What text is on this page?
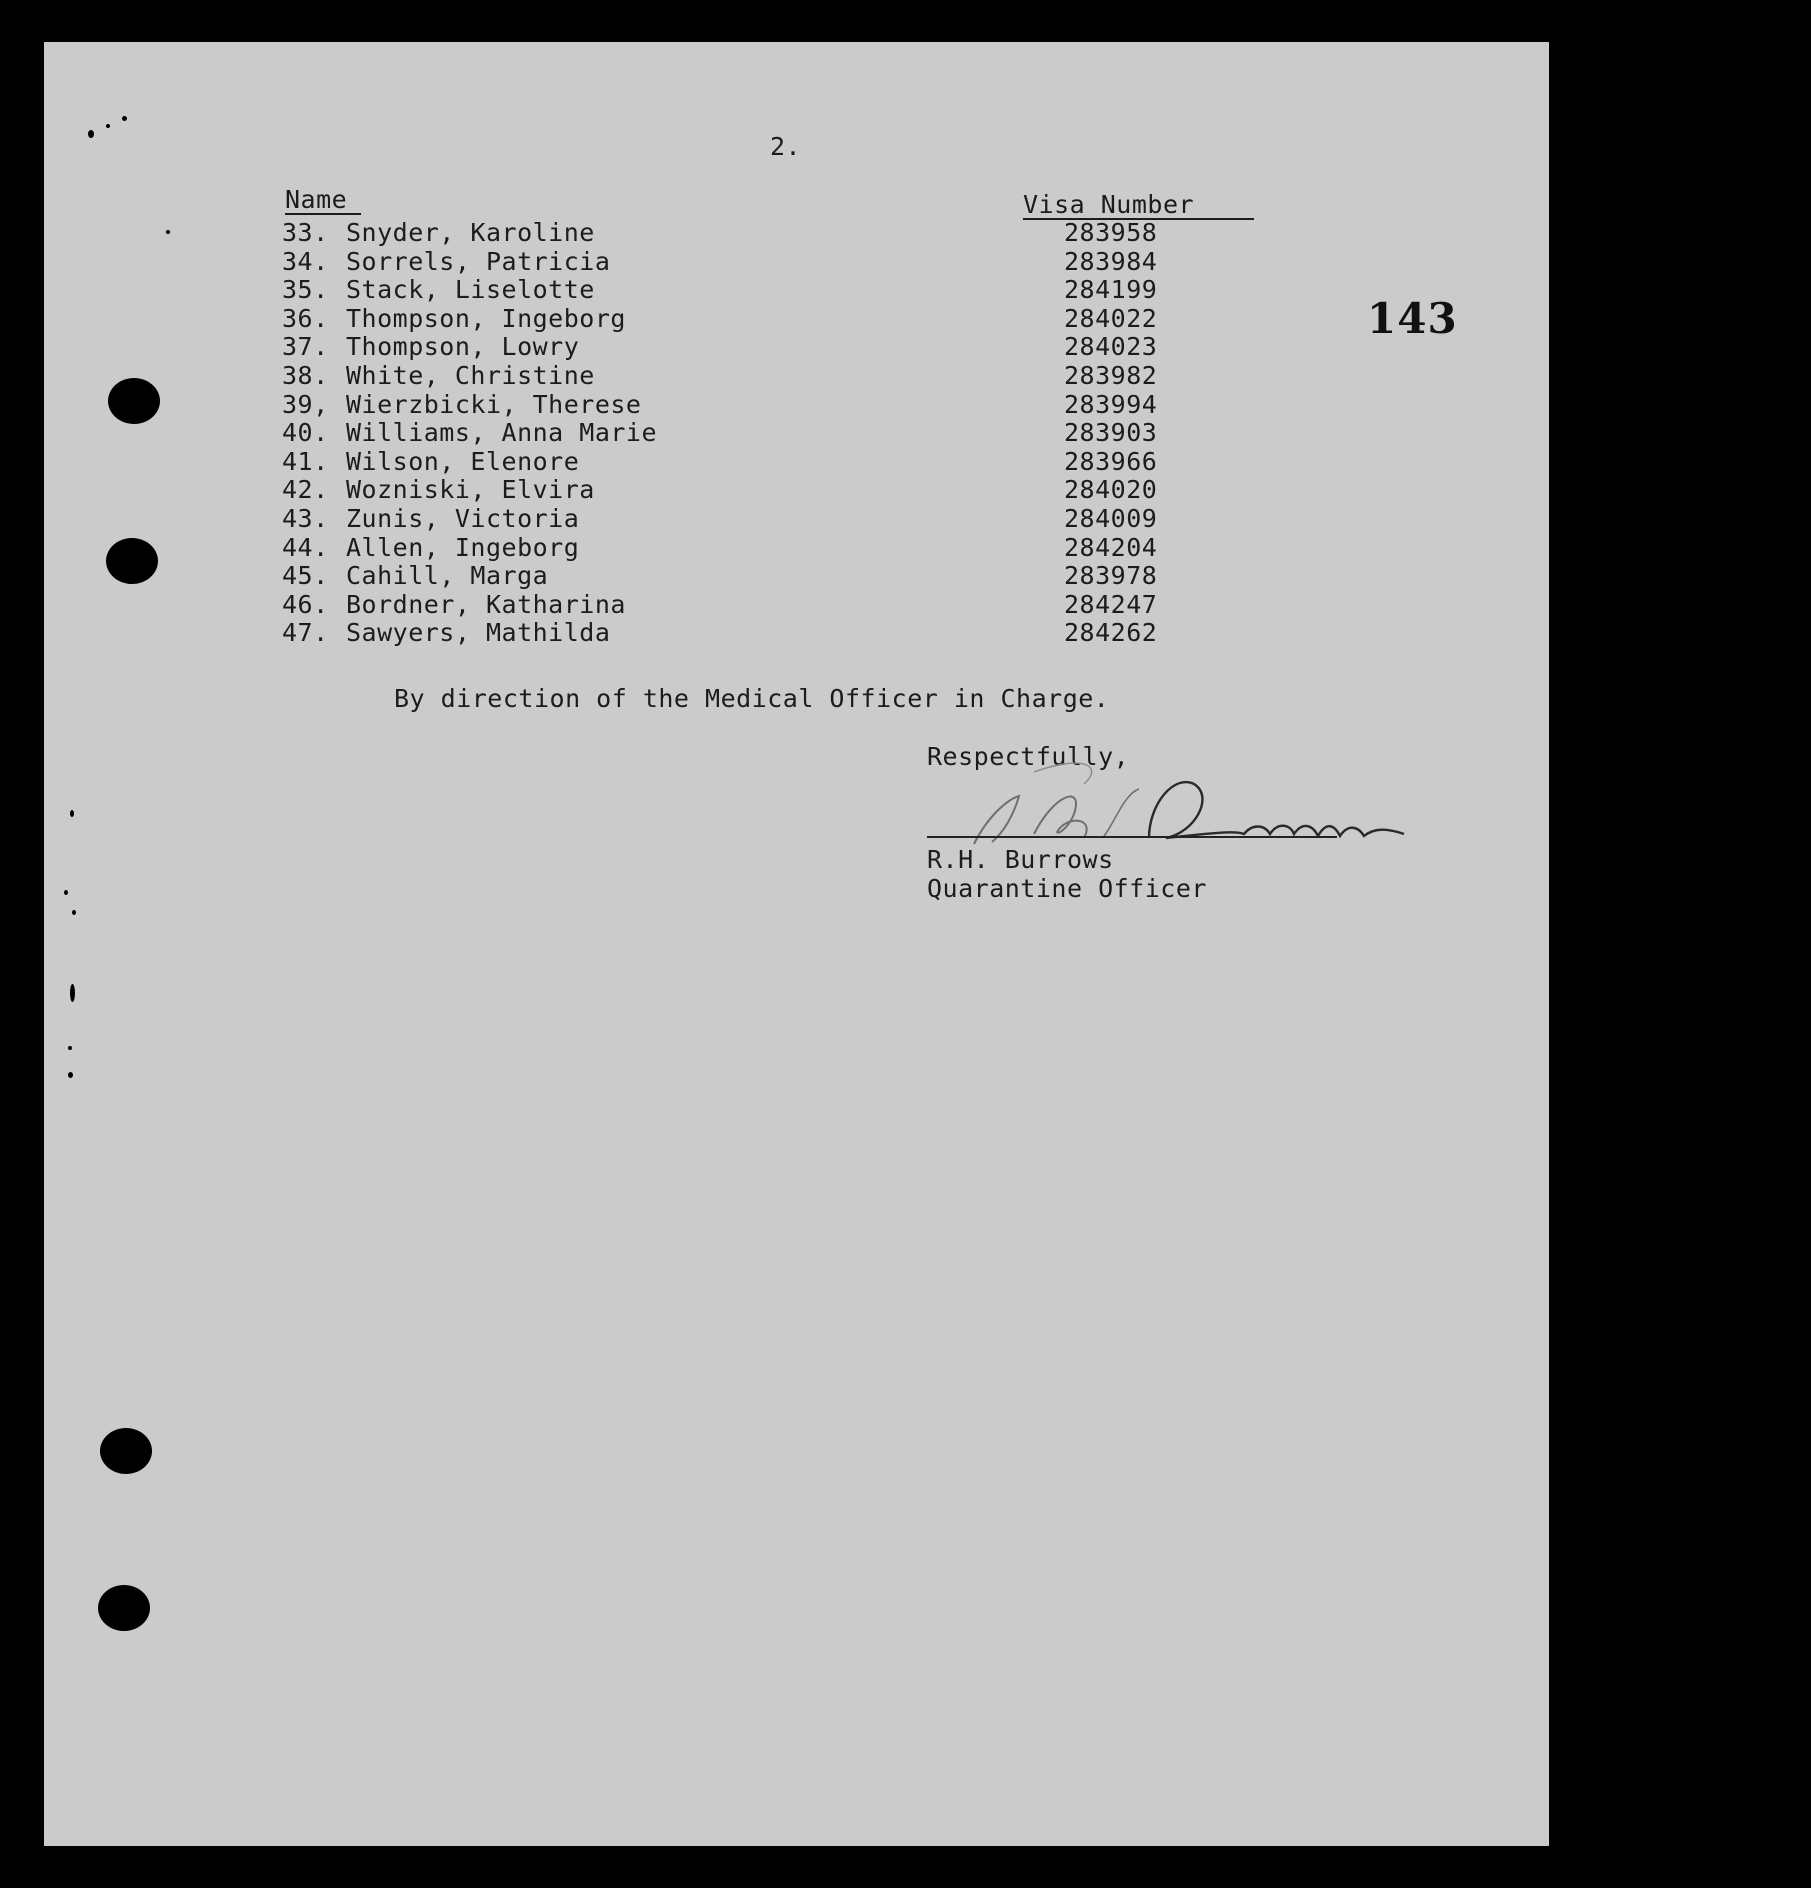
2.
143
Name	Visa Number
33. Snyder, Karoline	283958
34. Sorrels, Patricia	283984
35. Stack, Liselotte	284199
36. Thompson, Ingeborg	284022
37. Thompson, Lowry	284023
38. White, Christine	283982
39, Wierzbicki, Therese	283994
40. Williams, Anna Marie	283903
41. Wilson, Elenore	283966
42. Wozniski, Elvira	284020
43. Zunis, Victoria	284009
44. Allen, Ingeborg	284204
45. Cahill, Marga	283978
46. Bordner, Katharina	284247
47. Sawyers, Mathilda	284262
By direction of the Medical Officer in Charge.
Respectfully,
R.H. Burrows
Quarantine Officer
